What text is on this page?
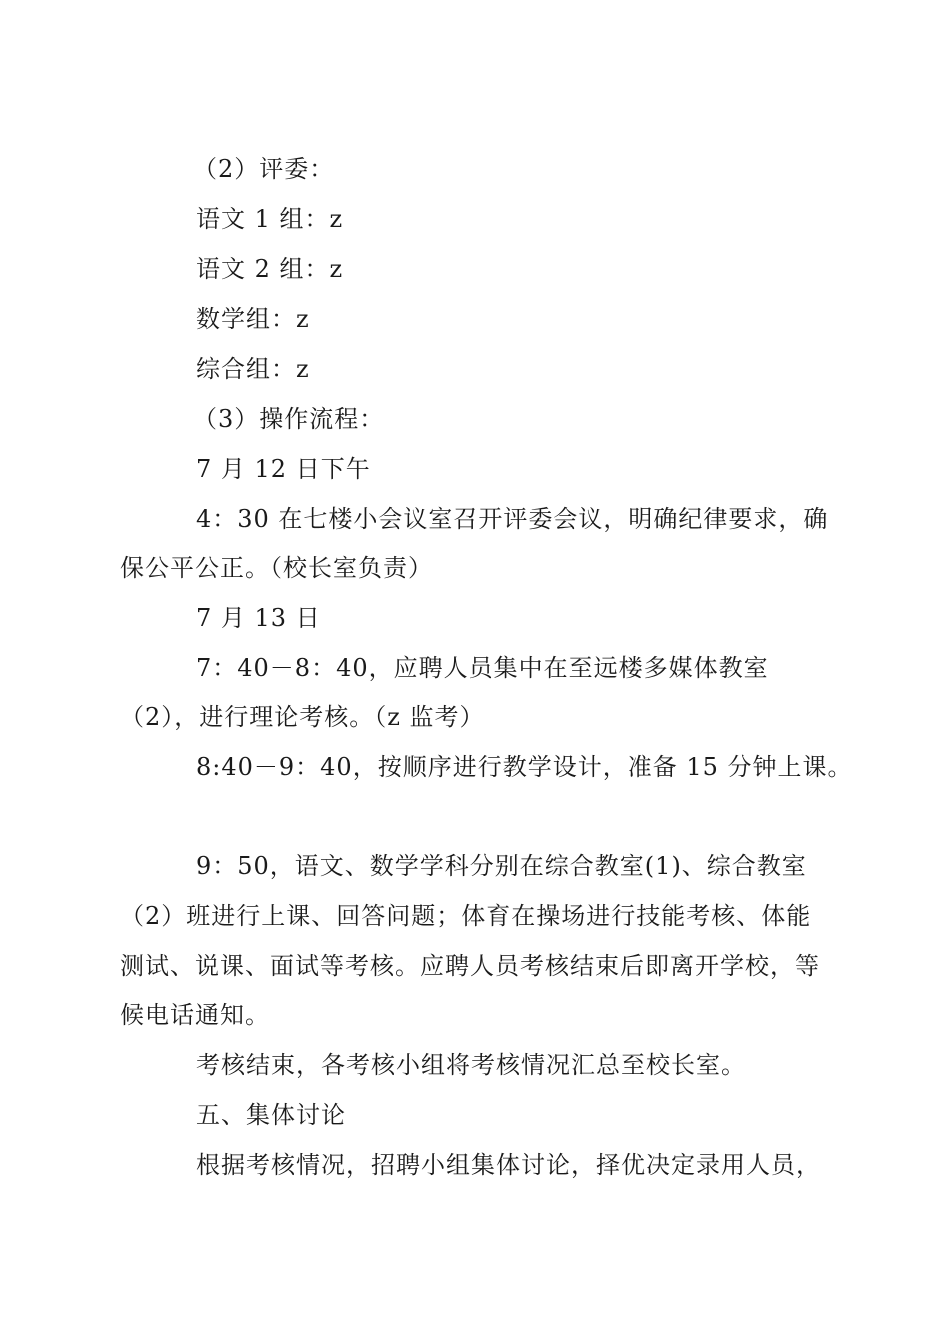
（2）评委：
语文 1 组：z
语文 2 组：z
数学组：z
综合组：z
（3）操作流程：
7 月 12 日下午
4：30 在七楼小会议室召开评委会议，明确纪律要求，确
保公平公正。（校长室负责）
7 月 13 日
7：40－8：40，应聘人员集中在至远楼多媒体教室
（2），进行理论考核。（z 监考）
8:40－9：40，按顺序进行教学设计，准备 15 分钟上课。
9：50，语文、数学学科分别在综合教室(1)、综合教室
（2）班进行上课、回答问题；体育在操场进行技能考核、体能
测试、说课、面试等考核。应聘人员考核结束后即离开学校，等
候电话通知。
考核结束，各考核小组将考核情况汇总至校长室。
五、集体讨论
根据考核情况，招聘小组集体讨论，择优决定录用人员，
